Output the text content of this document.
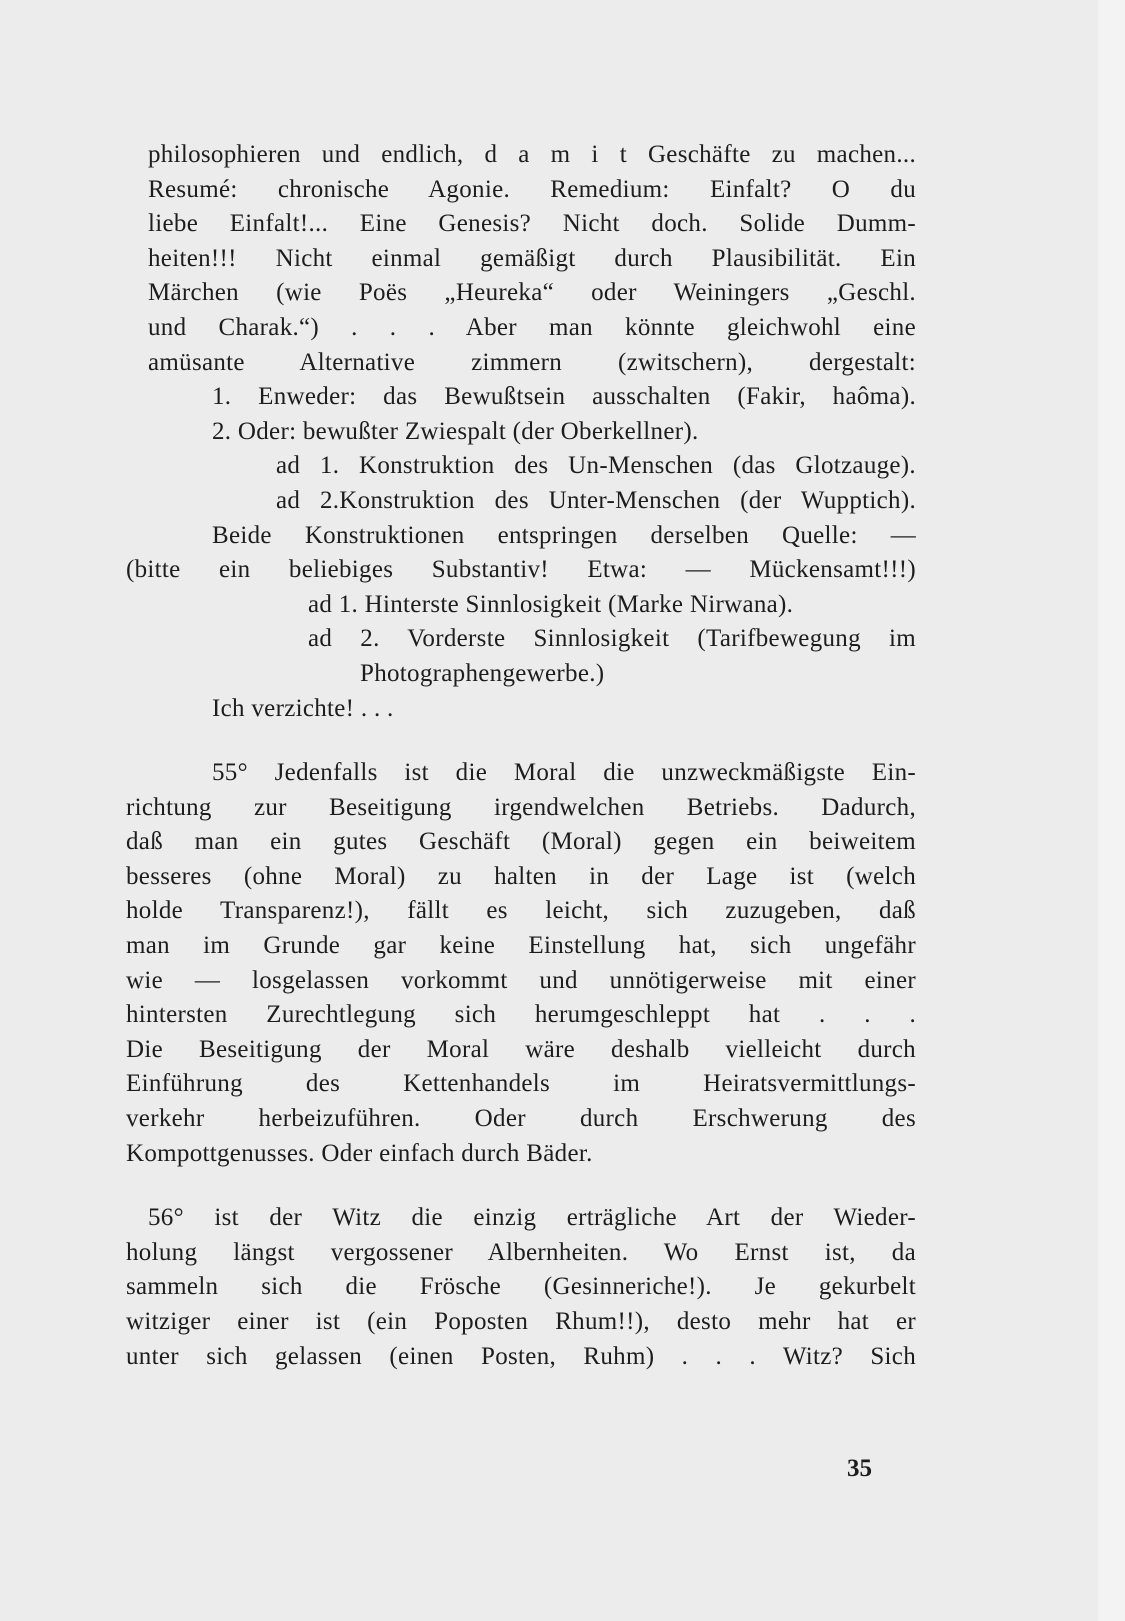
philosophieren und endlich, d a m i t Geschäfte zu machen...
Resumé: chronische Agonie. Remedium: Einfalt? O du
liebe Einfalt!... Eine Genesis? Nicht doch. Solide Dumm-
heiten!!! Nicht einmal gemäßigt durch Plausibilität. Ein
Märchen (wie Poës „Heureka“ oder Weiningers „Geschl.
und Charak.“) . . . Aber man könnte gleichwohl eine
amüsante Alternative zimmern (zwitschern), dergestalt:
1. Enweder: das Bewußtsein ausschalten (Fakir, haôma).
2. Oder: bewußter Zwiespalt (der Oberkellner).
ad 1. Konstruktion des Un-Menschen (das Glotzauge).
ad 2.Konstruktion des Unter-Menschen (der Wupptich).
Beide Konstruktionen entspringen derselben Quelle: —
(bitte ein beliebiges Substantiv! Etwa: — Mückensamt!!!)
ad 1. Hinterste Sinnlosigkeit (Marke Nirwana).
ad 2. Vorderste Sinnlosigkeit (Tarifbewegung im
Photographengewerbe.)
Ich verzichte! . . .
55° Jedenfalls ist die Moral die unzweckmäßigste Ein-
richtung zur Beseitigung irgendwelchen Betriebs. Dadurch,
daß man ein gutes Geschäft (Moral) gegen ein beiweitem
besseres (ohne Moral) zu halten in der Lage ist (welch
holde Transparenz!), fällt es leicht, sich zuzugeben, daß
man im Grunde gar keine Einstellung hat, sich ungefähr
wie — losgelassen vorkommt und unnötigerweise mit einer
hintersten Zurechtlegung sich herumgeschleppt hat . . .
Die Beseitigung der Moral wäre deshalb vielleicht durch
Einführung des Kettenhandels im Heiratsvermittlungs-
verkehr herbeizuführen. Oder durch Erschwerung des
Kompottgenusses. Oder einfach durch Bäder.
56° ist der Witz die einzig erträgliche Art der Wieder-
holung längst vergossener Albernheiten. Wo Ernst ist, da
sammeln sich die Frösche (Gesinneriche!). Je gekurbelt
witziger einer ist (ein Poposten Rhum!!), desto mehr hat er
unter sich gelassen (einen Posten, Ruhm) . . . Witz? Sich
35
